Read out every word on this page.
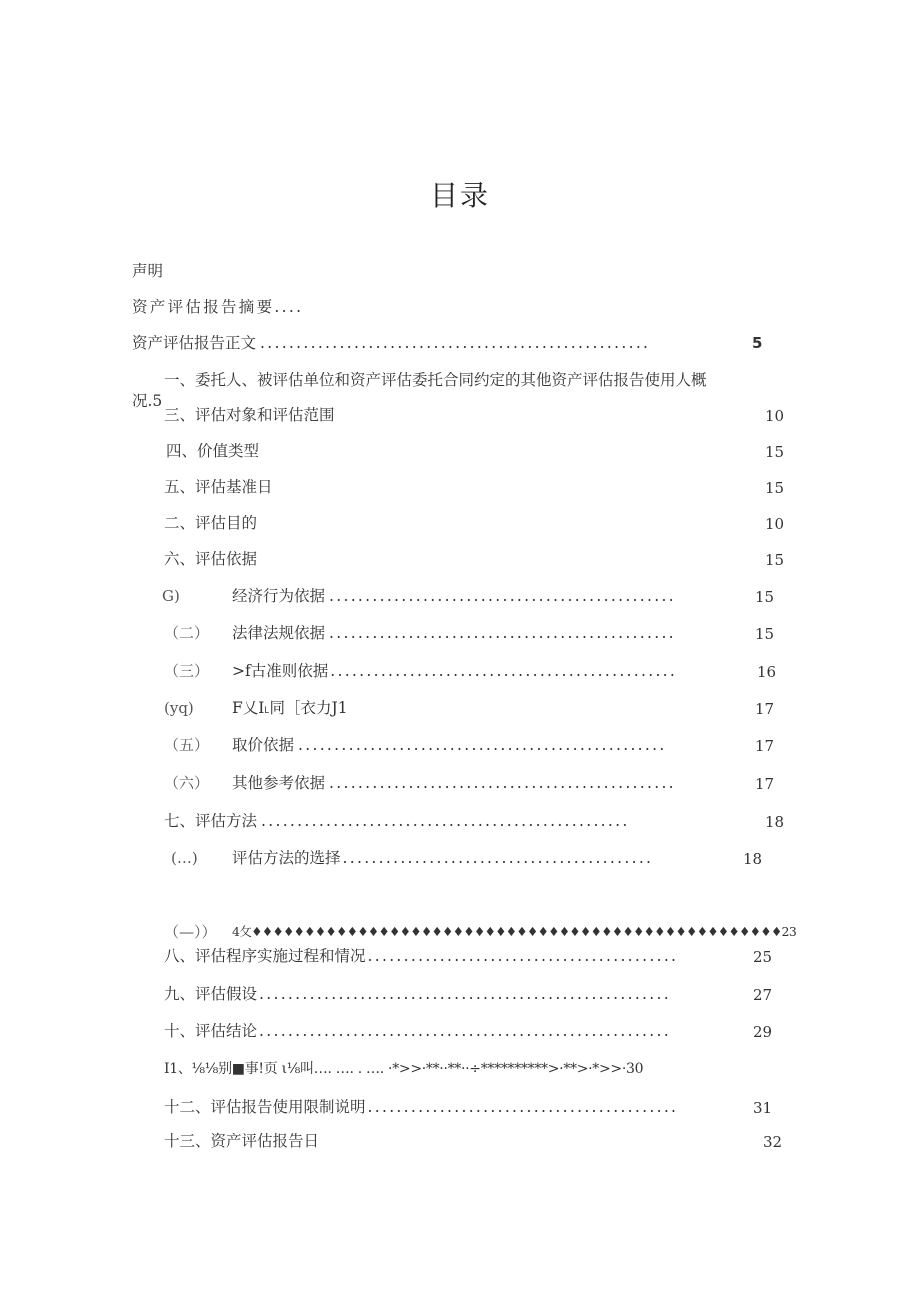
目录
声明
资产评估报告摘要....
资产评估报告正文 ......................................................	5
一、委托人、被评估单位和资产评估委托合同约定的其他资产评估报告使用人概
况.5
三、评估对象和评估范围	10
四、价值类型	15
五、评估基准日	15
二、评估目的	10
六、评估依据	15
G)	经济行为依据 ................................................	15
（二） 法律法规依据 ................................................	15
（三） >f古准则依据 ................................................	16
(yq) F乂I˪同［衣力J1	17
（五） 取价依据 ...................................................	17
（六） 其他参考依据 ................................................	17
七、评估方法 ...................................................	18
(…) 评估方法的选择 ...........................................	18
（—）） 4攵♦♦♦♦♦♦♦♦♦♦♦♦♦♦♦♦♦♦♦♦♦♦♦♦♦♦♦♦♦♦♦♦♦♦♦♦♦♦♦♦♦♦♦♦♦♦♦♦♦♦23
八、评估程序实施过程和情况 ...........................................	25
九、评估假设 .........................................................	27
十、评估结论 .........................................................	29
I1、⅛⅛别■事!页 ι⅛叫…. …. . …. ·*>>·**··**··÷**********>·**>·*>>·30
十二、评估报告使用限制说明 ...........................................	31
十三、资产评估报告日	32
